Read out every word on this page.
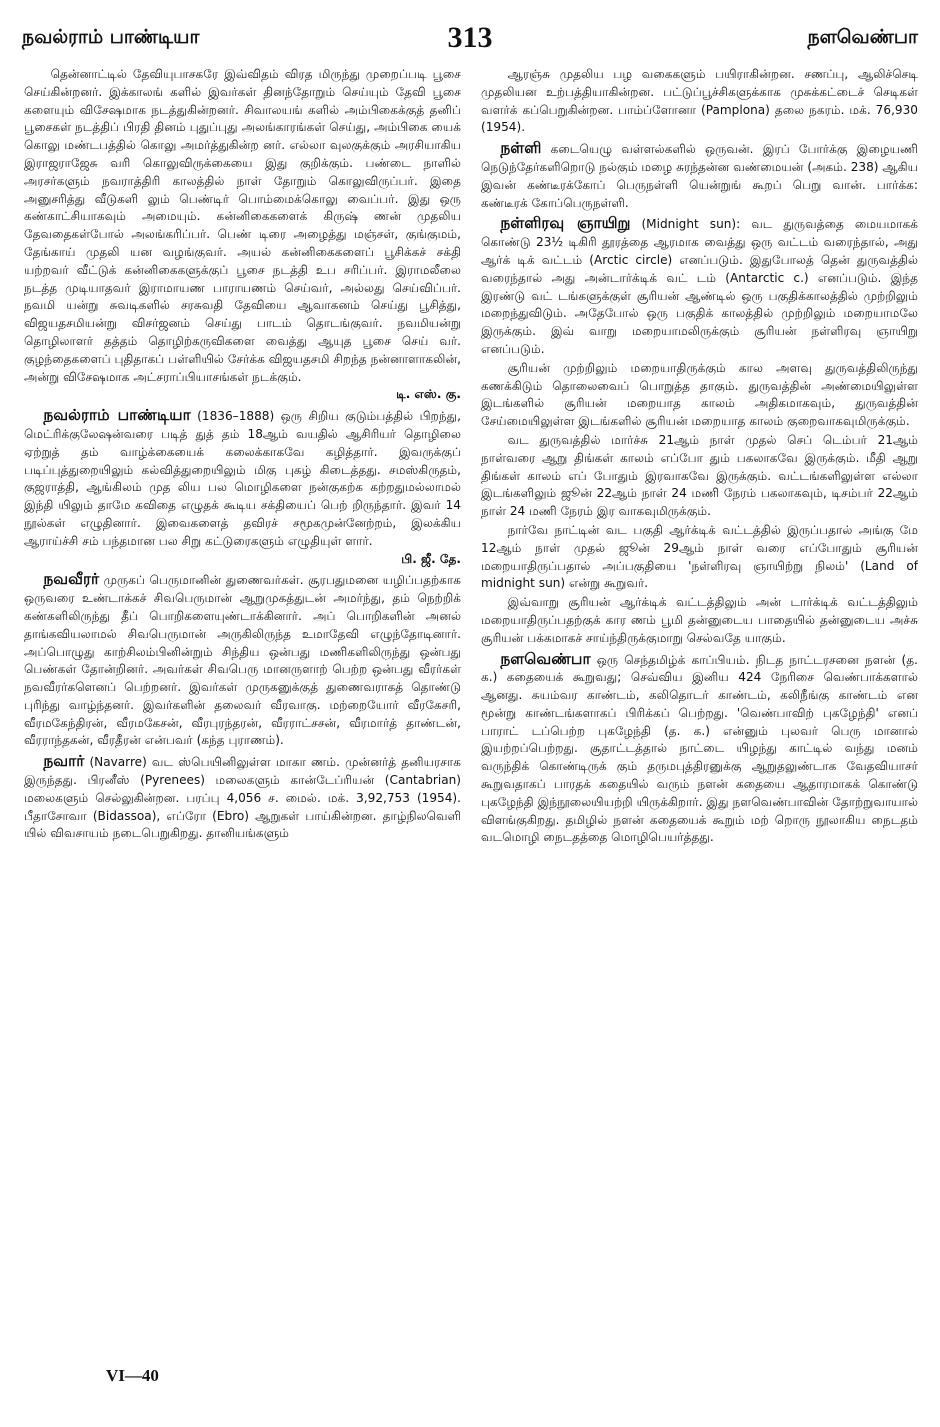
நவல்ராம் பாண்டியா	313	நளவெண்பா

தென்னாட்டில் தேவியுபாசகரே இவ்விதம் விரத மிருந்து முறைப்படி பூசை செய்கின்றனர். இக்காலங் களில் இவர்கள் தினந்தோறும் செய்யும் தேவி பூசை களையும் விசேஷமாக நடத்துகின்றனர். சிவாலயங் களில் அம்பிகைக்குத் தனிப் பூசைகள் நடத்திப் பிரதி தினம் புதுப்புது அலங்காரங்கள் செய்து, அம்பிகை யைக் கொலு மண்டபத்தில் கொலு அமர்த்துகின்ற னர். எல்லா வுலகுக்கும் அரசியாகிய இராஜராஜேசு வரி கொலுவிருக்கையை இது குறிக்கும். பண்டை நாளில் அரசர்களும் நவராத்திரி காலத்தில் நாள் தோறும் கொலுவிருப்பர். இதை அனுசரித்து வீடுகளி லும் பெண்டிர் பொம்மைக்கொலு வைப்பர். இது ஒரு கண்காட்சியாகவும் அமையும். கன்னிகைகளைக் கிருஷ் ணன் முதலிய தேவதைகள்போல் அலங்கரிப்பர். பெண் டிரை அழைத்து மஞ்சள், குங்குமம், தேங்காய் முதலி யன வழங்குவர். அயல் கன்னிகைகளைப் பூசிக்கச் சக்தி யற்றவர் வீட்டுக் கன்னிகைகளுக்குப் பூசை நடத்தி உப சரிப்பர். இராமலீலை நடத்த முடியாதவர் இராமாயண பாராயணம் செய்வர், அல்லது செய்விப்பர். நவமி யன்று சுவடிகளில் சரசுவதி தேவியை ஆவாகனம் செய்து பூசித்து, விஜயதசமியன்று விசர்ஜனம் செய்து பாடம் தொடங்குவர். நவமியன்று தொழிலாளர் தத்தம் தொழிற்கருவிகளை வைத்து ஆயுத பூசை செய் வர். குழந்தைகளைப் புதிதாகப் பள்ளியில் சேர்க்க விஜயதசமி சிறந்த நன்னாளாகலின், அன்று விசேஷமாக அட்சராப்பியாசங்கள் நடக்கும்.
டி. எஸ். கு.

நவல்ராம் பாண்டியா (1836–1888) ஒரு சிறிய குடும்பத்தில் பிறந்து, மெட்ரிக்குலேஷன்வரை படித் துத் தம் 18ஆம் வயதில் ஆசிரியர் தொழிலை ஏற்றுத் தம் வாழ்க்கையைக் கலைக்காகவே கழித்தார். இவருக்குப் படிப்புத்துறையிலும் கல்வித்துறையிலும் மிகு புகழ் கிடைத்தது. சமஸ்கிருதம், குஜராத்தி, ஆங்கிலம் முத லிய பல மொழிகளை நன்குகற்க கற்றதுமல்லாமல் இந்தி யிலும் தாமே கவிதை எழுதக் கூடிய சக்தியைப் பெற் றிருந்தார். இவர் 14 நூல்கள் எழுதினார். இவைகளைத் தவிரச் சமூகமுன்னேற்றம், இலக்கிய ஆராய்ச்சி சம் பந்தமான பல சிறு கட்டுரைகளும் எழுதியுள் ளார்.
பி. ஜீ. தே.

நவவீரர் முருகப் பெருமானின் துணைவர்கள். சூரபதுமனை யழிப்பதற்காக ஒருவரை உண்டாக்கச் சிவபெருமான் ஆறுமுகத்துடன் அமர்ந்து, தம் நெற்றிக் கண்களிலிருந்து தீப் பொறிகளையுண்டாக்கினார். அப் பொறிகளின் அனல் தாங்கவியலாமல் சிவபெருமான் அருகிலிருந்த உமாதேவி எழுந்தோடினார். அப்பொழுது காற்சிலம்பினின்றும் சிந்திய ஒன்பது மணிகளிலிருந்து ஒன்பது பெண்கள் தோன்றினர். அவர்கள் சிவபெரு மானருளாற் பெற்ற ஒன்பது வீரர்கள் நவவீரர்களெனப் பெற்றனர். இவர்கள் முருகனுக்குத் துணைவராகத் தொண்டு புரிந்து வாழ்ந்தனர். இவர்களின் தலைவர் வீரவாகு. மற்றையோர் வீரகேசரி, வீரமகேந்திரன், வீரமகேசன், வீரபுரந்தரன், வீரராட்சசன், வீரமார்த் தாண்டன், வீரராந்தகன், வீரதீரன் என்பவர் (கந்த புராணம்).

நவார் (Navarre) வட ஸ்பெயினிலுள்ள மாகா ணம். முன்னர்த் தனியரசாக இருந்தது. பிரனீஸ் (Pyrenees) மலைகளும் கான்டேப்ரியன் (Cantabrian) மலைகளும் செல்லுகின்றன. பரப்பு 4,056 ச. மைல். மக். 3,92,753 (1954). பீதாசோவா (Bidassoa), எப்ரோ (Ebro) ஆறுகள் பாய்கின்றன. தாழ்நிலவெளி யில் விவசாயம் நடைபெறுகிறது. தானியங்களும்

ஆரஞ்சு முதலிய பழ வகைகளும் பயிராகின்றன. சணப்பு, ஆலிச்செடி முதலியன உற்பத்தியாகின்றன. பட்டுப்பூச்சிகளுக்காக முசுக்கட்டைச் செடிகள் வளர்க் கப்பெறுகின்றன. பாம்ப்ளோனா (Pamplona) தலை நகரம். மக். 76,930 (1954).

நள்ளி கடையெழு வள்ளல்களில் ஒருவன். இரப் போர்க்கு இழையணி நெடுந்தேர்களிறொடு நல்கும் மழை சுரந்தன்ன வண்மையன் (அகம். 238) ஆகிய இவன் கண்டீரக்கோப் பெருநள்ளி யென்றுங் கூறப் பெறு வான். பார்க்க: கண்டீரக் கோப்பெருநள்ளி.

நள்ளிரவு ஞாயிறு (Midnight sun): வட துருவத்தை மையமாகக் கொண்டு 23½ டிகிரி தூரத்தை ஆரமாக வைத்து ஒரு வட்டம் வரைந்தால், அது ஆர்க் டிக் வட்டம் (Arctic circle) எனப்படும். இதுபோலத் தென் துருவத்தில் வரைந்தால் அது அன்டார்க்டிக் வட் டம் (Antarctic c.) எனப்படும். இந்த இரண்டு வட் டங்களுக்குள் சூரியன் ஆண்டில் ஒரு பகுதிக்காலத்தில் முற்றிலும் மறைந்துவிடும். அதேபோல் ஒரு பகுதிக் காலத்தில் முற்றிலும் மறையாமலே இருக்கும். இவ் வாறு மறையாமலிருக்கும் சூரியன் நள்ளிரவு ஞாயிறு எனப்படும்.

சூரியன் முற்றிலும் மறையாதிருக்கும் கால அளவு துருவத்திலிருந்து கணக்கிடும் தொலைவைப் பொறுத்த தாகும். துருவத்தின் அண்மையிலுள்ள இடங்களில் சூரியன் மறையாத காலம் அதிகமாகவும், துருவத்தின் சேய்மையிலுள்ள இடங்களில் சூரியன் மறையாத காலம் குறைவாகவுமிருக்கும்.

வட துருவத்தில் மார்ச்சு 21ஆம் நாள் முதல் செப் டெம்பர் 21ஆம் நாள்வரை ஆறு திங்கள் காலம் எப்போ தும் பகலாகவே இருக்கும். மீதி ஆறு திங்கள் காலம் எப் போதும் இரவாகவே இருக்கும். வட்டங்களிலுள்ள எல்லா இடங்களிலும் ஜூன் 22ஆம் நாள் 24 மணி நேரம் பகலாகவும், டிசம்பர் 22ஆம் நாள் 24 மணி நேரம் இர வாகவுமிருக்கும்.

நார்வே நாட்டின் வட பகுதி ஆர்க்டிக் வட்டத்தில் இருப்பதால் அங்கு மே 12ஆம் நாள் முதல் ஜூன் 29ஆம் நாள் வரை எப்போதும் சூரியன் மறையாதிருப்பதால் அப்பகுதியை 'நள்ளிரவு ஞாயிற்று நிலம்' (Land of midnight sun) என்று கூறுவர்.

இவ்வாறு சூரியன் ஆர்க்டிக் வட்டத்திலும் அன் டார்க்டிக் வட்டத்திலும் மறையாதிருப்பதற்குக் கார ணம் பூமி தன்னுடைய பாதையில் தன்னுடைய அச்சு சூரியன் பக்கமாகச் சாய்ந்திருக்குமாறு செல்வதே யாகும்.

நளவெண்பா ஒரு செந்தமிழ்க் காப்பியம். நிடத நாட்டரசனை நளன் (த. க.) கதையைக் கூறுவது; செவ்விய இனிய 424 நேரிசை வெண்பாக்களால் ஆனது. சுயம்வர காண்டம், கலிதொடர் காண்டம், கலிநீங்கு காண்டம் என மூன்று காண்டங்களாகப் பிரிக்கப் பெற்றது. 'வெண்பாவிற் புகழேந்தி' எனப் பாராட் டப்பெற்ற புகழேந்தி (த. க.) என்னும் புலவர் பெரு மானால் இயற்றப்பெற்றது. சூதாட்டத்தால் நாட்டை யிழந்து காட்டில் வந்து மனம் வருந்திக் கொண்டிருக் கும் தருமபுத்திரனுக்கு ஆறுதலுண்டாக வேதவியாசர் கூறுவதாகப் பாரதக் கதையில் வரும் நளன் கதையை ஆதாரமாகக் கொண்டு புகழேந்தி இந்நூலையியற்றி யிருக்கிறார். இது நளவெண்பாவின் தோற்றுவாயால் விளங்குகிறது. தமிழில் நளன் கதையைக் கூறும் மற் றொரு நூலாகிய நைடதம் வடமொழி நைடதத்தை மொழிபெயர்த்தது.

VI—40
